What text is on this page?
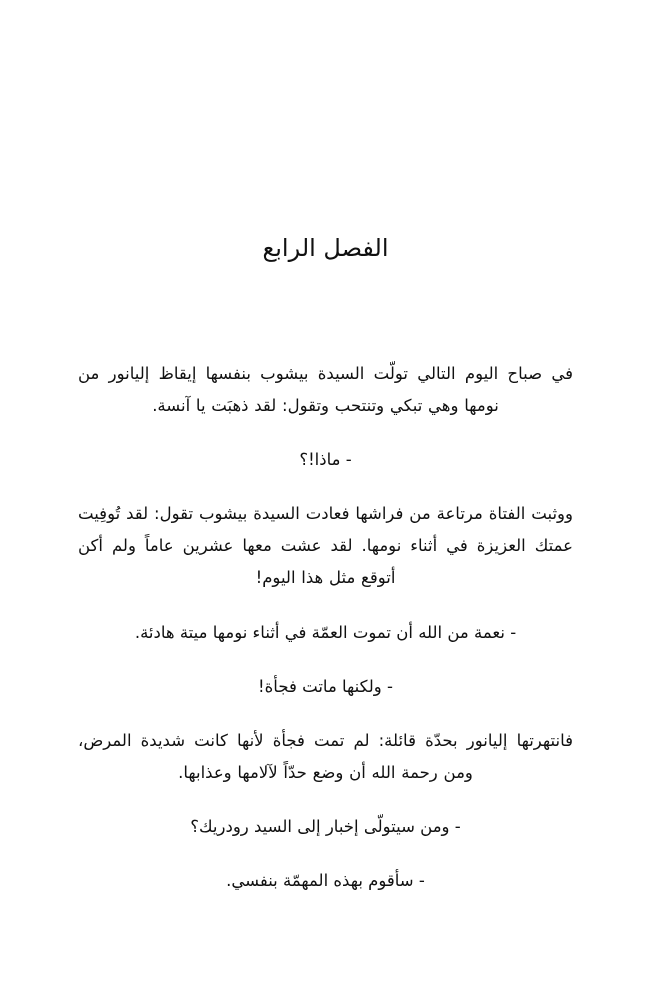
الفصل الرابع

في صباح اليوم التالي تولّت السيدة بيشوب بنفسها إيقاظ إليانور من نومها وهي تبكي وتنتحب وتقول: لقد ذهبَت يا آنسة.

- ماذا!؟

ووثبت الفتاة مرتاعة من فراشها فعادت السيدة بيشوب تقول: لقد تُوفِيت عمتك العزيزة في أثناء نومها. لقد عشت معها عشرين عاماً ولم أكن أتوقع مثل هذا اليوم!

- نعمة من الله أن تموت العمّة في أثناء نومها ميتة هادئة.

- ولكنها ماتت فجأة!

فانتهرتها إليانور بحدّة قائلة: لم تمت فجأة لأنها كانت شديدة المرض، ومن رحمة الله أن وضع حدّاً لآلامها وعذابها.

- ومن سيتولّى إخبار إلى السيد رودريك؟

- سأقوم بهذه المهمّة بنفسي.
